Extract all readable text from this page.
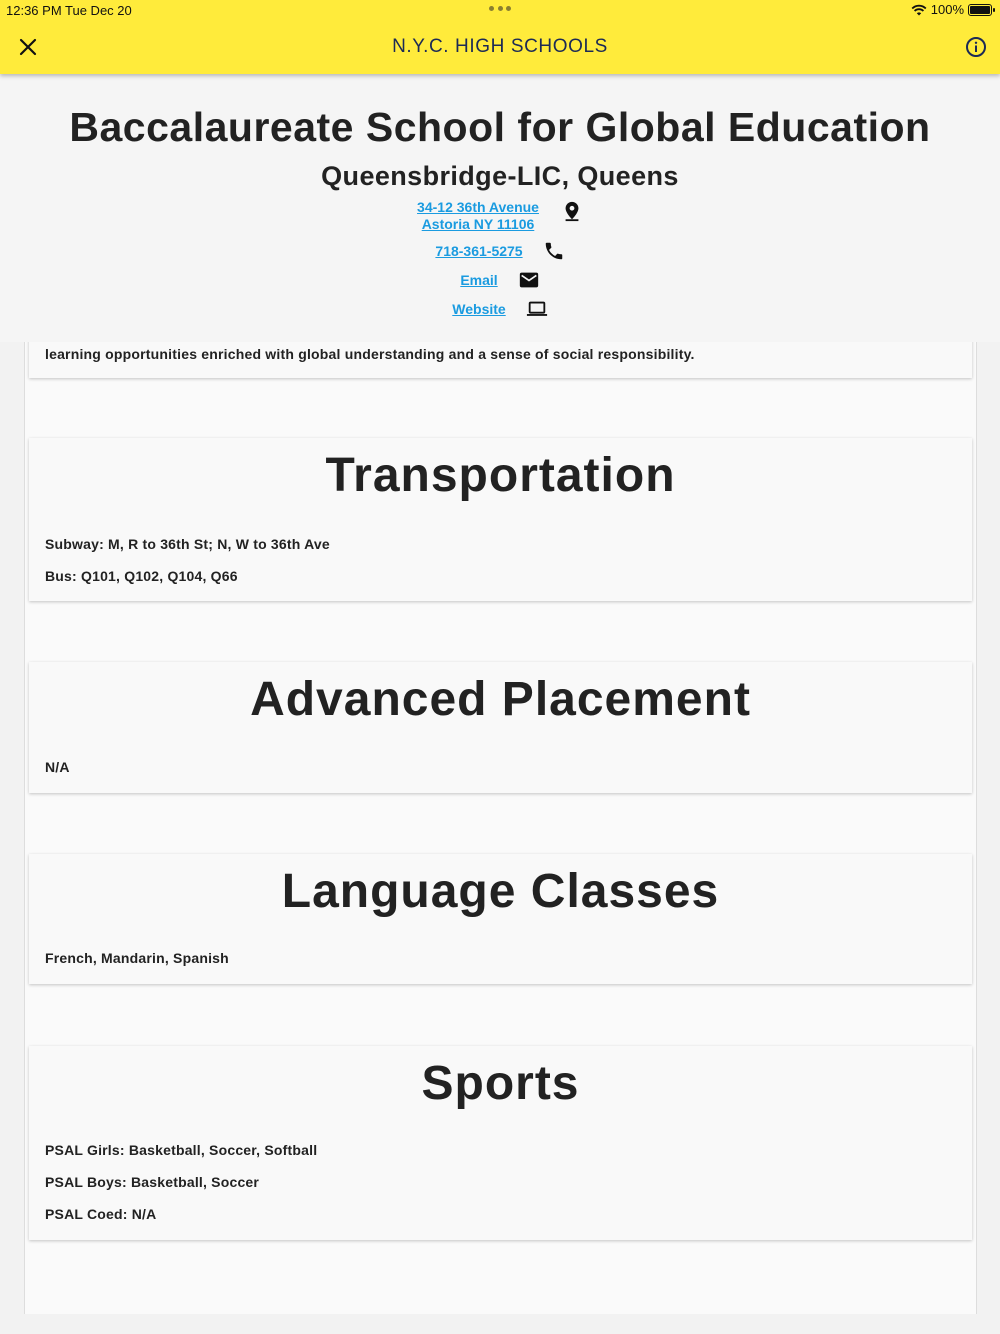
12:36 PM Tue Dec 20	100%
N.Y.C. HIGH SCHOOLS
Baccalaureate School for Global Education
Queensbridge-LIC, Queens
34-12 36th Avenue
Astoria NY 11106
718-361-5275
Email
Website
learning opportunities enriched with global understanding and a sense of social responsibility.
Transportation
Subway: M, R to 36th St; N, W to 36th Ave
Bus: Q101, Q102, Q104, Q66
Advanced Placement
N/A
Language Classes
French, Mandarin, Spanish
Sports
PSAL Girls: Basketball, Soccer, Softball
PSAL Boys: Basketball, Soccer
PSAL Coed: N/A
